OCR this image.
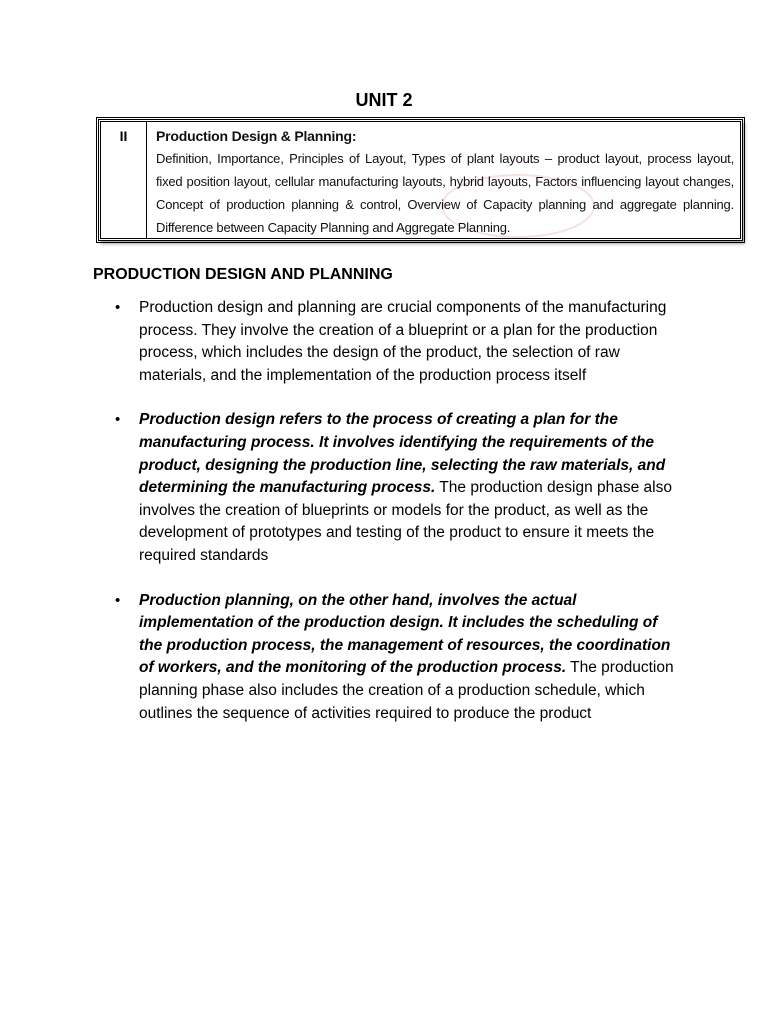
UNIT 2
II	Production Design & Planning:
Definition, Importance, Principles of Layout, Types of plant layouts – product layout, process layout, fixed position layout, cellular manufacturing layouts, hybrid layouts, Factors influencing layout changes, Concept of production planning & control, Overview of Capacity planning and aggregate planning. Difference between Capacity Planning and Aggregate Planning.
PRODUCTION DESIGN AND PLANNING
• Production design and planning are crucial components of the manufacturing process. They involve the creation of a blueprint or a plan for the production process, which includes the design of the product, the selection of raw materials, and the implementation of the production process itself
• Production design refers to the process of creating a plan for the manufacturing process. It involves identifying the requirements of the product, designing the production line, selecting the raw materials, and determining the manufacturing process. The production design phase also involves the creation of blueprints or models for the product, as well as the development of prototypes and testing of the product to ensure it meets the required standards
• Production planning, on the other hand, involves the actual implementation of the production design. It includes the scheduling of the production process, the management of resources, the coordination of workers, and the monitoring of the production process. The production planning phase also includes the creation of a production schedule, which outlines the sequence of activities required to produce the product
